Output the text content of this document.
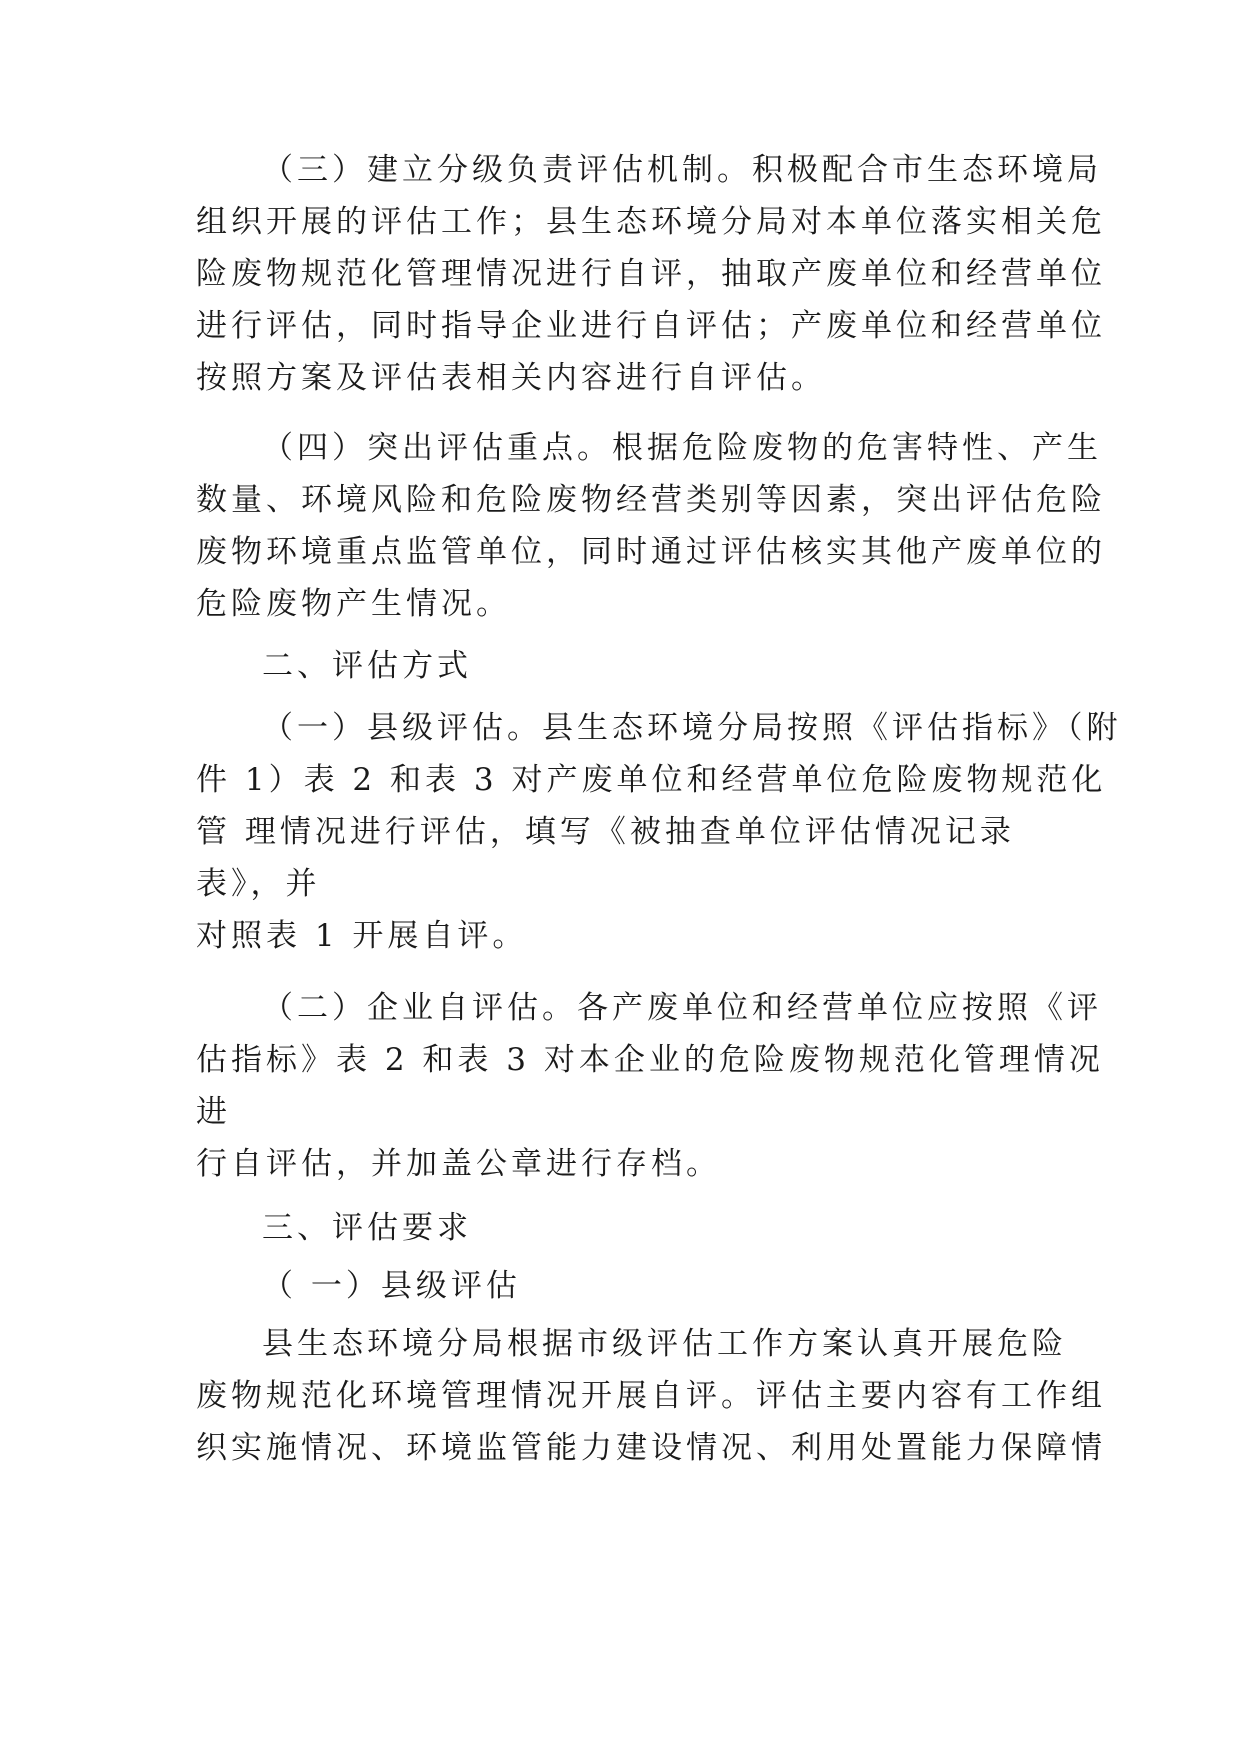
（三）建立分级负责评估机制。积极配合市生态环境局
组织开展的评估工作；县生态环境分局对本单位落实相关危
险废物规范化管理情况进行自评，抽取产废单位和经营单位
进行评估，同时指导企业进行自评估；产废单位和经营单位
按照方案及评估表相关内容进行自评估。
（四）突出评估重点。根据危险废物的危害特性、产生
数量、环境风险和危险废物经营类别等因素，突出评估危险
废物环境重点监管单位，同时通过评估核实其他产废单位的
危险废物产生情况。
二、评估方式
（一）县级评估。县生态环境分局按照《评估指标》（附
件 1）表 2 和表 3 对产废单位和经营单位危险废物规范化
管 理情况进行评估，填写《被抽查单位评估情况记录
表》，并
对照表 1 开展自评。
（二）企业自评估。各产废单位和经营单位应按照《评
估指标》表 2 和表 3 对本企业的危险废物规范化管理情况
进
行自评估，并加盖公章进行存档。
三、评估要求
（ 一）县级评估
县生态环境分局根据市级评估工作方案认真开展危险
废物规范化环境管理情况开展自评。评估主要内容有工作组
织实施情况、环境监管能力建设情况、利用处置能力保障情
